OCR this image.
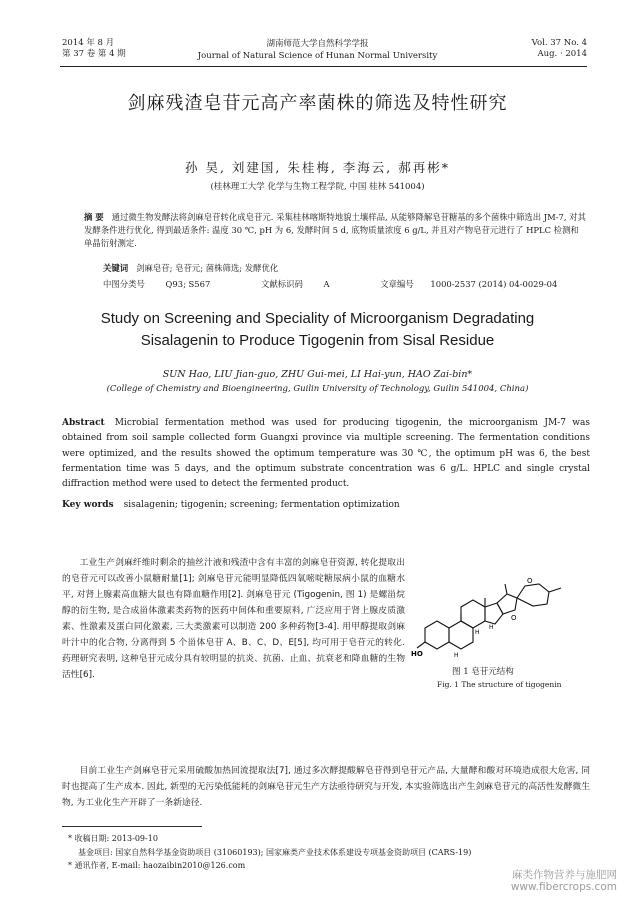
2014 年 8 月
第 37 卷 第 4 期
湖南师范大学自然科学学报
Journal of Natural Science of Hunan Normal University
Vol. 37 No. 4
Aug. · 2014
剑麻残渣皂苷元高产率菌株的筛选及特性研究
孙 昊, 刘建国, 朱桂梅, 李海云, 郝再彬*
(桂林理工大学 化学与生物工程学院, 中国 桂林 541004)
摘 要 通过微生物发酵法将剑麻皂苷转化成皂苷元. 采集桂林喀斯特地貌土壤样品, 从能够降解皂苷糖基的多个菌株中筛选出 JM-7, 对其发酵条件进行优化, 得到最适条件: 温度 30 ℃, pH 为 6, 发酵时间 5 d, 底物质量浓度 6 g/L, 并且对产物皂苷元进行了 HPLC 检测和单晶衍射测定.
关键词 剑麻皂苷; 皂苷元; 菌株筛选; 发酵优化
中图分类号 Q93; S567	文献标识码 A	文章编号 1000-2537 (2014) 04-0029-04
Study on Screening and Speciality of Microorganism Degradating
Sisalagenin to Produce Tigogenin from Sisal Residue
SUN Hao, LIU Jian-guo, ZHU Gui-mei, LI Hai-yun, HAO Zai-bin*
(College of Chemistry and Bioengineering, Guilin University of Technology, Guilin 541004, China)
Abstract Microbial fermentation method was used for producing tigogenin, the microorganism JM-7 was obtained from soil sample collected form Guangxi province via multiple screening. The fermentation conditions were optimized, and the results showed the optimum temperature was 30 ℃, the optimum pH was 6, the best fermentation time was 5 days, and the optimum substrate concentration was 6 g/L. HPLC and single crystal diffraction method were used to detect the fermented product.
Key words sisalagenin; tigogenin; screening; fermentation optimization

工业生产剑麻纤维时剩余的抽丝汁液和残渣中含有丰富的剑麻皂苷资源, 转化提取出的皂苷元可以改善小鼠糖耐量[1]; 剑麻皂苷元能明显降低四氧嘧啶糖尿病小鼠的血糖水平, 对肾上腺素高血糖大鼠也有降血糖作用[2]. 剑麻皂苷元 (Tigogenin, 图 1) 是螺甾烷醇的衍生物, 是合成甾体激素类药物的医药中间体和重要原料, 广泛应用于肾上腺皮质激素、性激素及蛋白同化激素, 三大类激素可以制造 200 多种药物[3-4]. 用甲醇提取剑麻叶汁中的化合物, 分离得到 5 个甾体皂苷 A、B、C、D、E[5], 均可用于皂苷元的转化. 药理研究表明, 这种皂苷元成分具有较明显的抗炎、抗菌、止血、抗衰老和降血糖的生物活性[6].

HO	H
H
H
O
O
图 1 皂苷元结构
Fig. 1 The structure of tigogenin
目前工业生产剑麻皂苷元采用硫酸加热回流提取法[7], 通过多次酵提酸解皂苷得到皂苷元产品, 大量酵和酸对环境造成很大危害, 同时也提高了生产成本. 因此, 新型的无污染低能耗的剑麻皂苷元生产方法亟待研究与开发, 本实验筛选出产生剑麻皂苷元的高活性发酵微生物, 为工业化生产开辟了一条新途径.
* 收稿日期: 2013-09-10
基金项目: 国家自然科学基金资助项目 (31060193); 国家麻类产业技术体系建设专项基金资助项目 (CARS-19)
* 通讯作者, E-mail: haozaibin2010@126.com
麻类作物营养与施肥网
www.fibercrops.com
